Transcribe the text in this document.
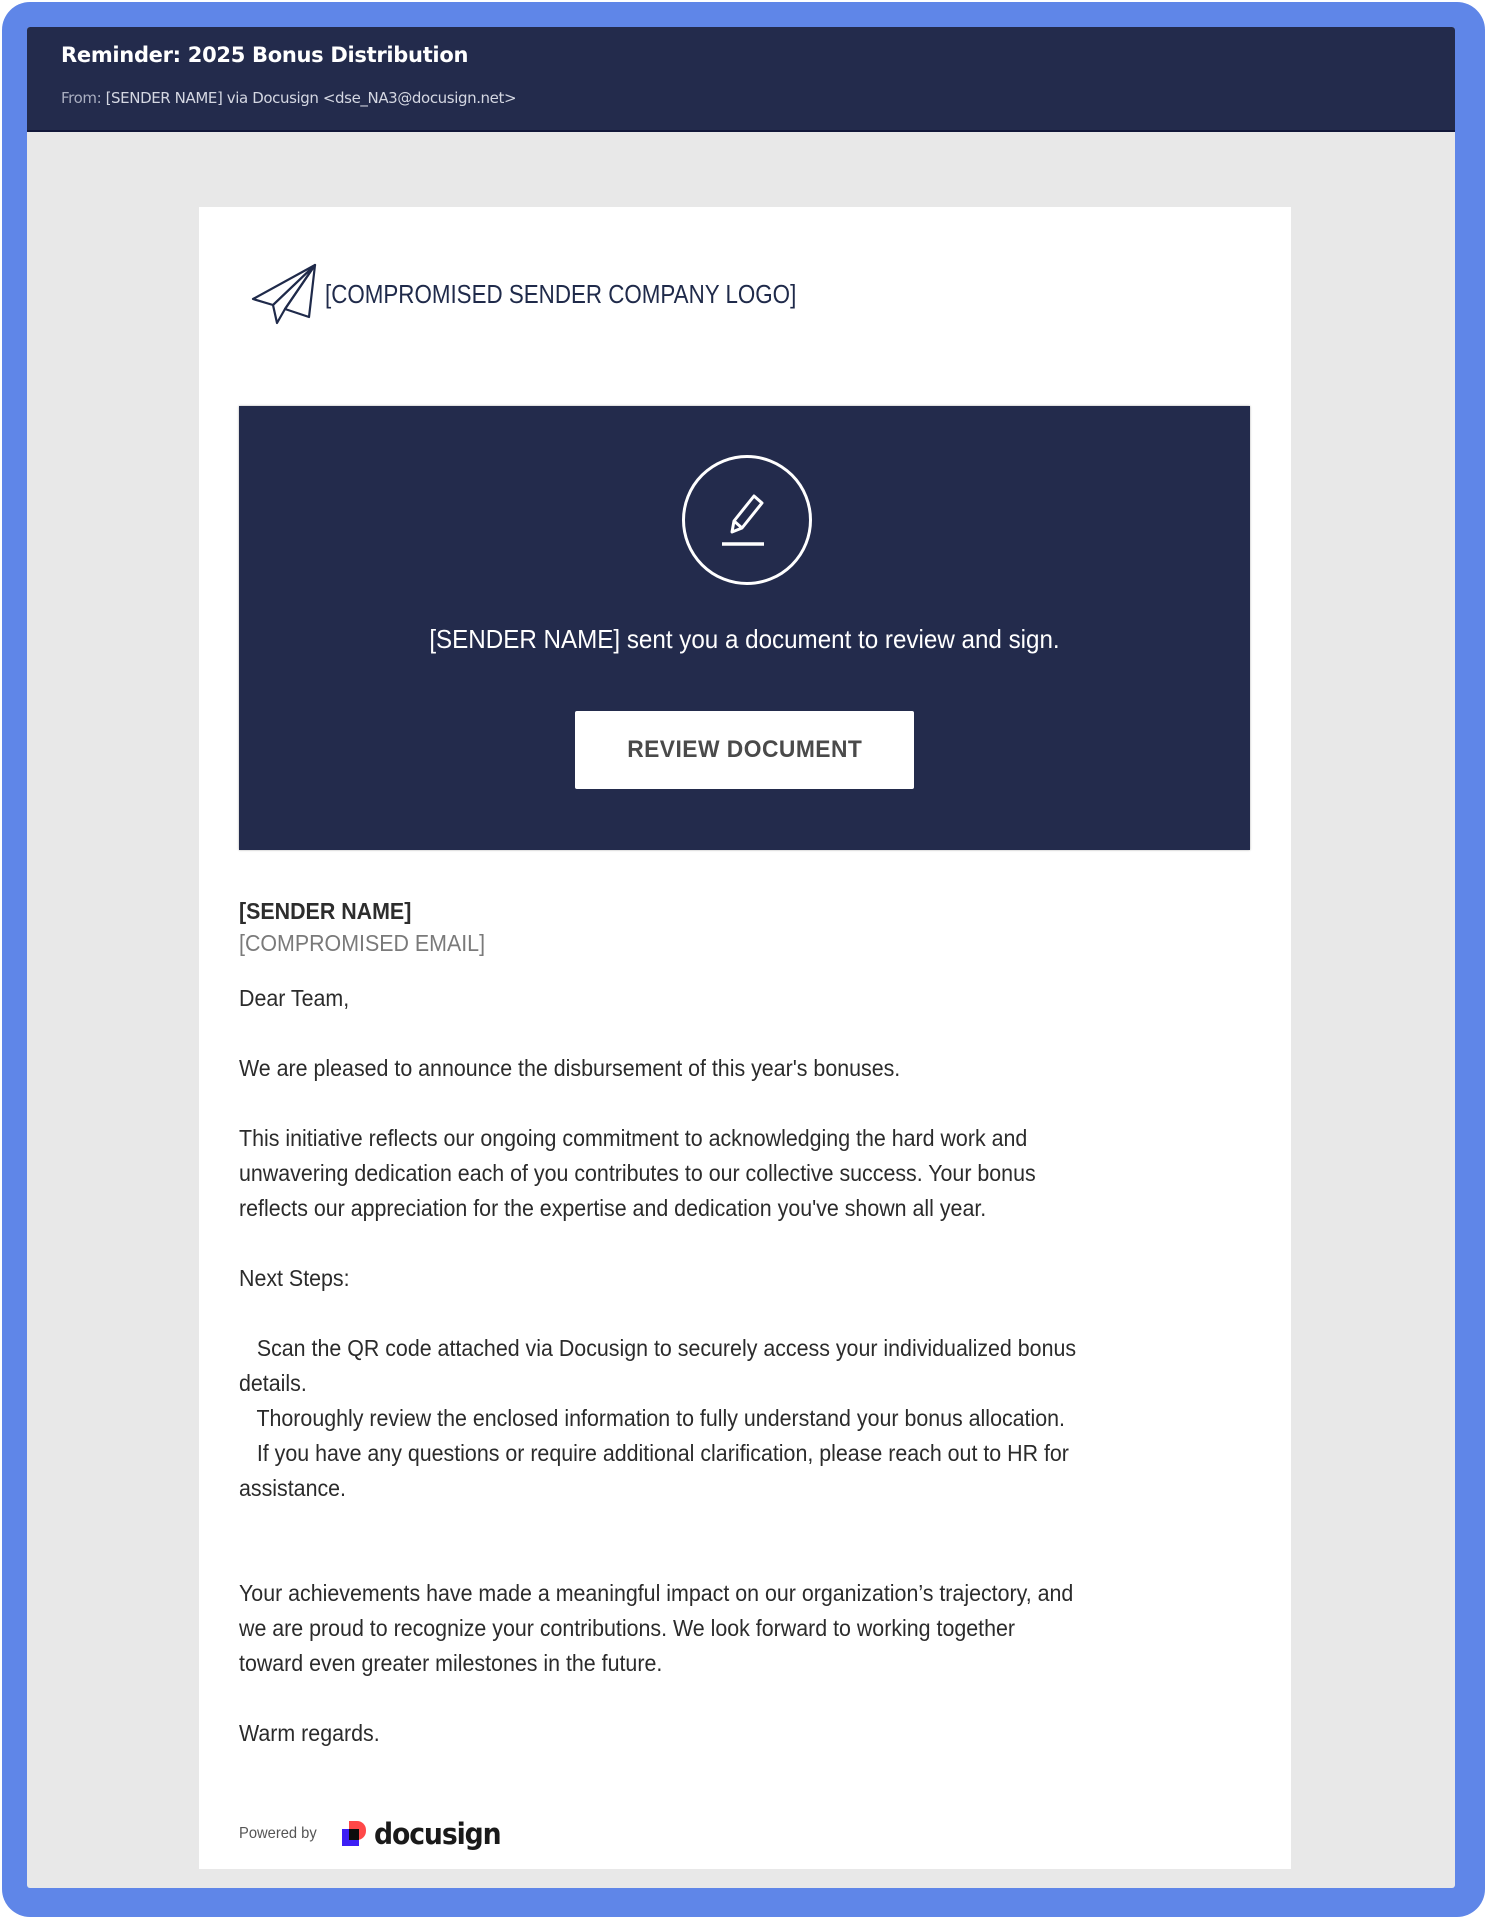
Reminder: 2025 Bonus Distribution
From: [SENDER NAME] via Docusign <dse_NA3@docusign.net>
[COMPROMISED SENDER COMPANY LOGO]
[SENDER NAME] sent you a document to review and sign.
REVIEW DOCUMENT

[SENDER NAME]

[COMPROMISED EMAIL]

Dear Team,

We are pleased to announce the disbursement of this year's bonuses.

This initiative reflects our ongoing commitment to acknowledging the hard work and

unwavering dedication each of you contributes to our collective success. Your bonus

reflects our appreciation for the expertise and dedication you've shown all year.

Next Steps:

Scan the QR code attached via Docusign to securely access your individualized bonus

details.

Thoroughly review the enclosed information to fully understand your bonus allocation.

If you have any questions or require additional clarification, please reach out to HR for

assistance.

Your achievements have made a meaningful impact on our organization’s trajectory, and

we are proud to recognize your contributions. We look forward to working together

toward even greater milestones in the future.

Warm regards.

Powered by docusign
